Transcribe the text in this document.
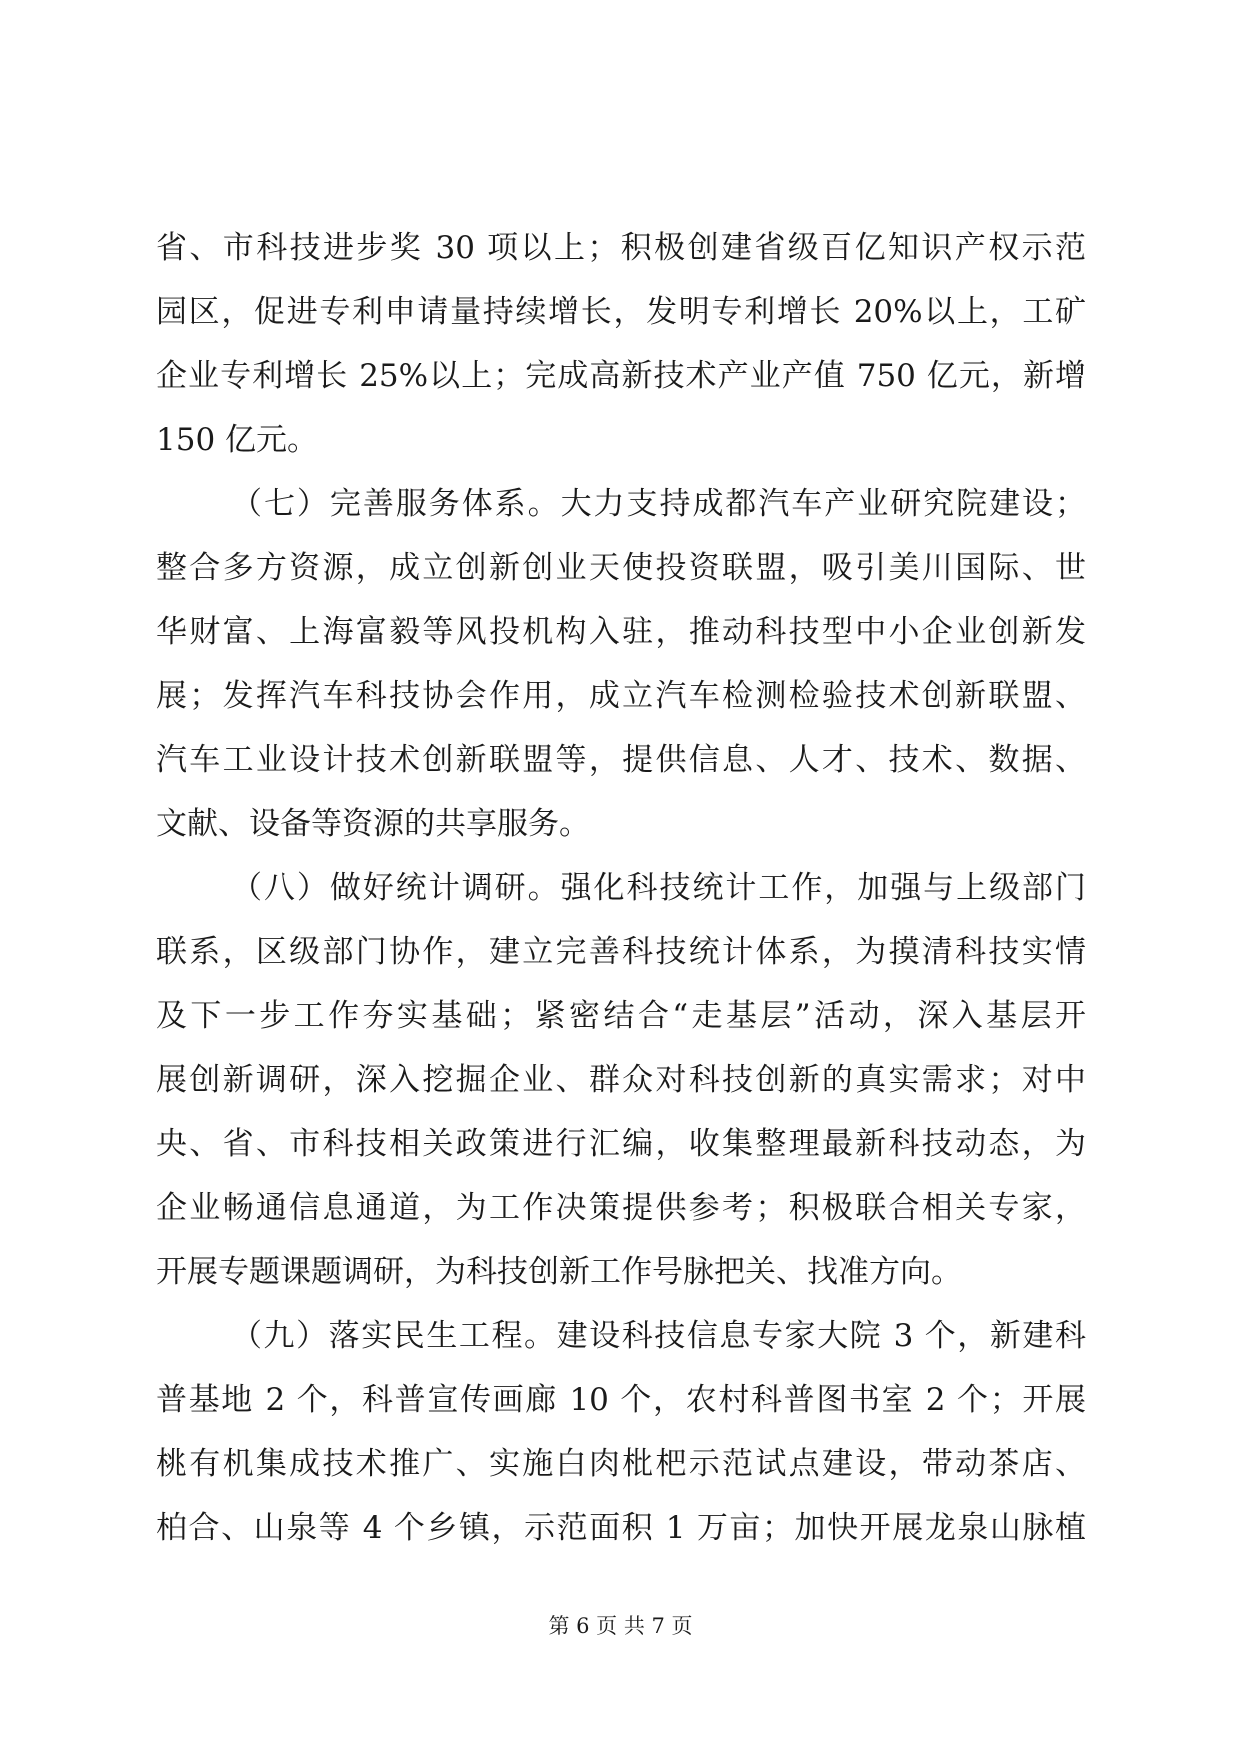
省、市科技进步奖 30 项以上；积极创建省级百亿知识产权示范
园区，促进专利申请量持续增长，发明专利增长 20%以上，工矿
企业专利增长 25%以上；完成高新技术产业产值 750 亿元，新增
150 亿元。
（七）完善服务体系。大力支持成都汽车产业研究院建设；
整合多方资源，成立创新创业天使投资联盟，吸引美川国际、世
华财富、上海富毅等风投机构入驻，推动科技型中小企业创新发
展；发挥汽车科技协会作用，成立汽车检测检验技术创新联盟、
汽车工业设计技术创新联盟等，提供信息、人才、技术、数据、
文献、设备等资源的共享服务。
（八）做好统计调研。强化科技统计工作，加强与上级部门
联系，区级部门协作，建立完善科技统计体系，为摸清科技实情
及下一步工作夯实基础；紧密结合“走基层”活动，深入基层开
展创新调研，深入挖掘企业、群众对科技创新的真实需求；对中
央、省、市科技相关政策进行汇编，收集整理最新科技动态，为
企业畅通信息通道，为工作决策提供参考；积极联合相关专家，
开展专题课题调研，为科技创新工作号脉把关、找准方向。
（九）落实民生工程。建设科技信息专家大院 3 个，新建科
普基地 2 个，科普宣传画廊 10 个，农村科普图书室 2 个；开展
桃有机集成技术推广、实施白肉枇杷示范试点建设，带动茶店、
柏合、山泉等 4 个乡镇，示范面积 1 万亩；加快开展龙泉山脉植
第 6 页 共 7 页
